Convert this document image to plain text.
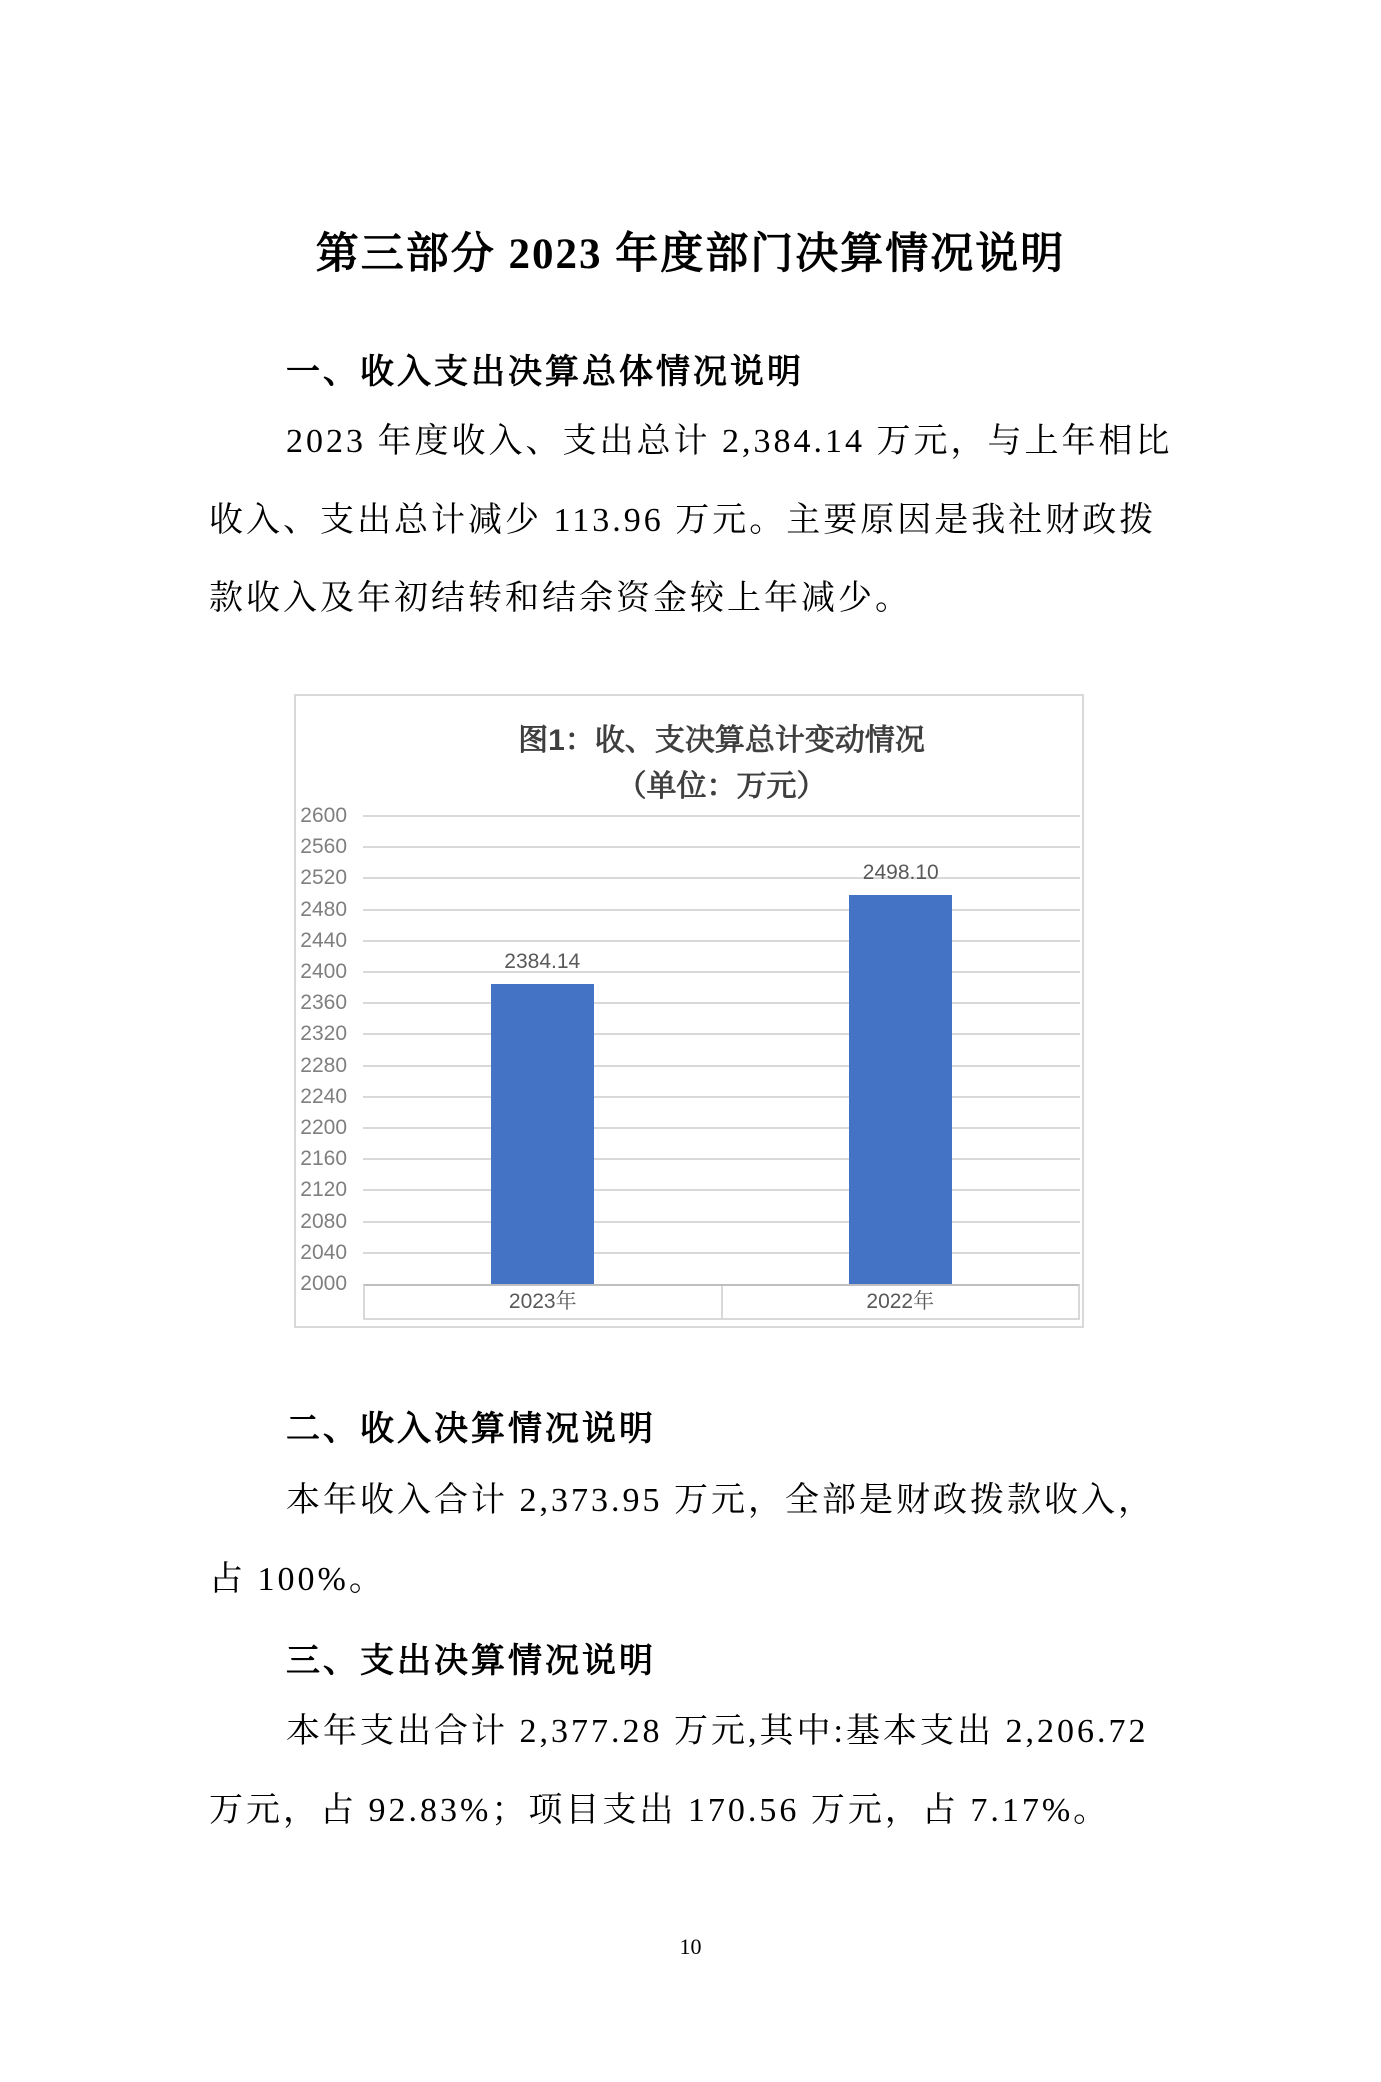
第三部分 2023 年度部门决算情况说明
一、收入支出决算总体情况说明
2023 年度收入、支出总计 2,384.14 万元，与上年相比
收入、支出总计减少 113.96 万元。主要原因是我社财政拨
款收入及年初结转和结余资金较上年减少。
图1：收、支决算总计变动情况
（单位：万元）
2000
2040
2080
2120
2160
2200
2240
2280
2320
2360
2400
2440
2480
2520
2560
2600
2384.14
2498.10
2023年	2022年
二、收入决算情况说明
本年收入合计 2,373.95 万元，全部是财政拨款收入，
占 100%。
三、支出决算情况说明
本年支出合计 2,377.28 万元,其中:基本支出 2,206.72
万元，占 92.83%；项目支出 170.56 万元，占 7.17%。
10
